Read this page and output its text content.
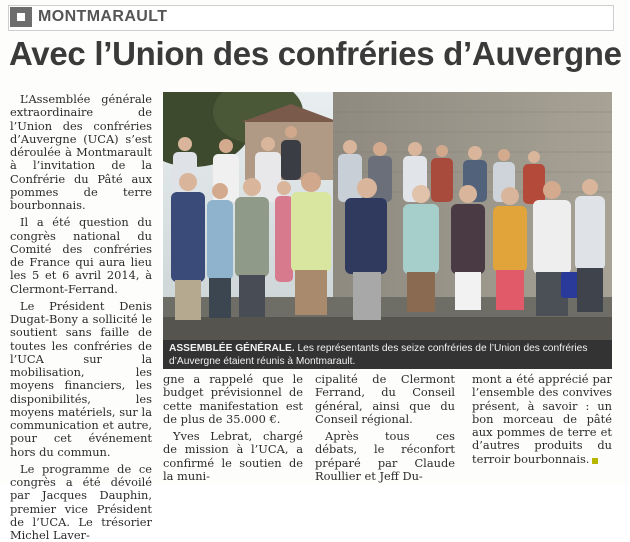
MONTMARAULT
Avec l’Union des confréries d’Auvergne

L’Assemblée générale extraordinaire de l’Union des confréries d’Auvergne (UCA) s’est déroulée à Montmarault à l’invitation de la Confrérie du Pâté aux pommes de terre bourbonnais.

Il a été question du congrès national du Comité des confréries de France qui aura lieu les 5 et 6 avril 2014, à Clermont-Ferrand.

Le Président Denis Dugat-Bony a sollicité le soutient sans faille de toutes les confréries de l’UCA sur la mobilisation, les moyens financiers, les disponibilités, les moyens matériels, sur la communication et autre, pour cet événement hors du commun.

Le programme de ce congrès a été dévoilé par Jacques Dauphin, premier vice Président de l’UCA. Le trésorier Michel Laver-

ASSEMBLÉE GÉNÉRALE. Les représentants des seize confréries de l’Union des confréries d’Auvergne étaient réunis à Montmarault.

gne a rappelé que le budget prévisionnel de cette manifestation est de plus de 35.000 €.

Yves Lebrat, chargé de mission à l’UCA, a confirmé le soutien de la muni-

cipalité de Clermont Ferrand, du Conseil général, ainsi que du Conseil régional.

Après tous ces débats, le réconfort préparé par Claude Roullier et Jeff Du-

mont a été apprécié par l’ensemble des convives présent, à savoir : un bon morceau de pâté aux pommes de terre et d’autres produits du terroir bourbonnais.
